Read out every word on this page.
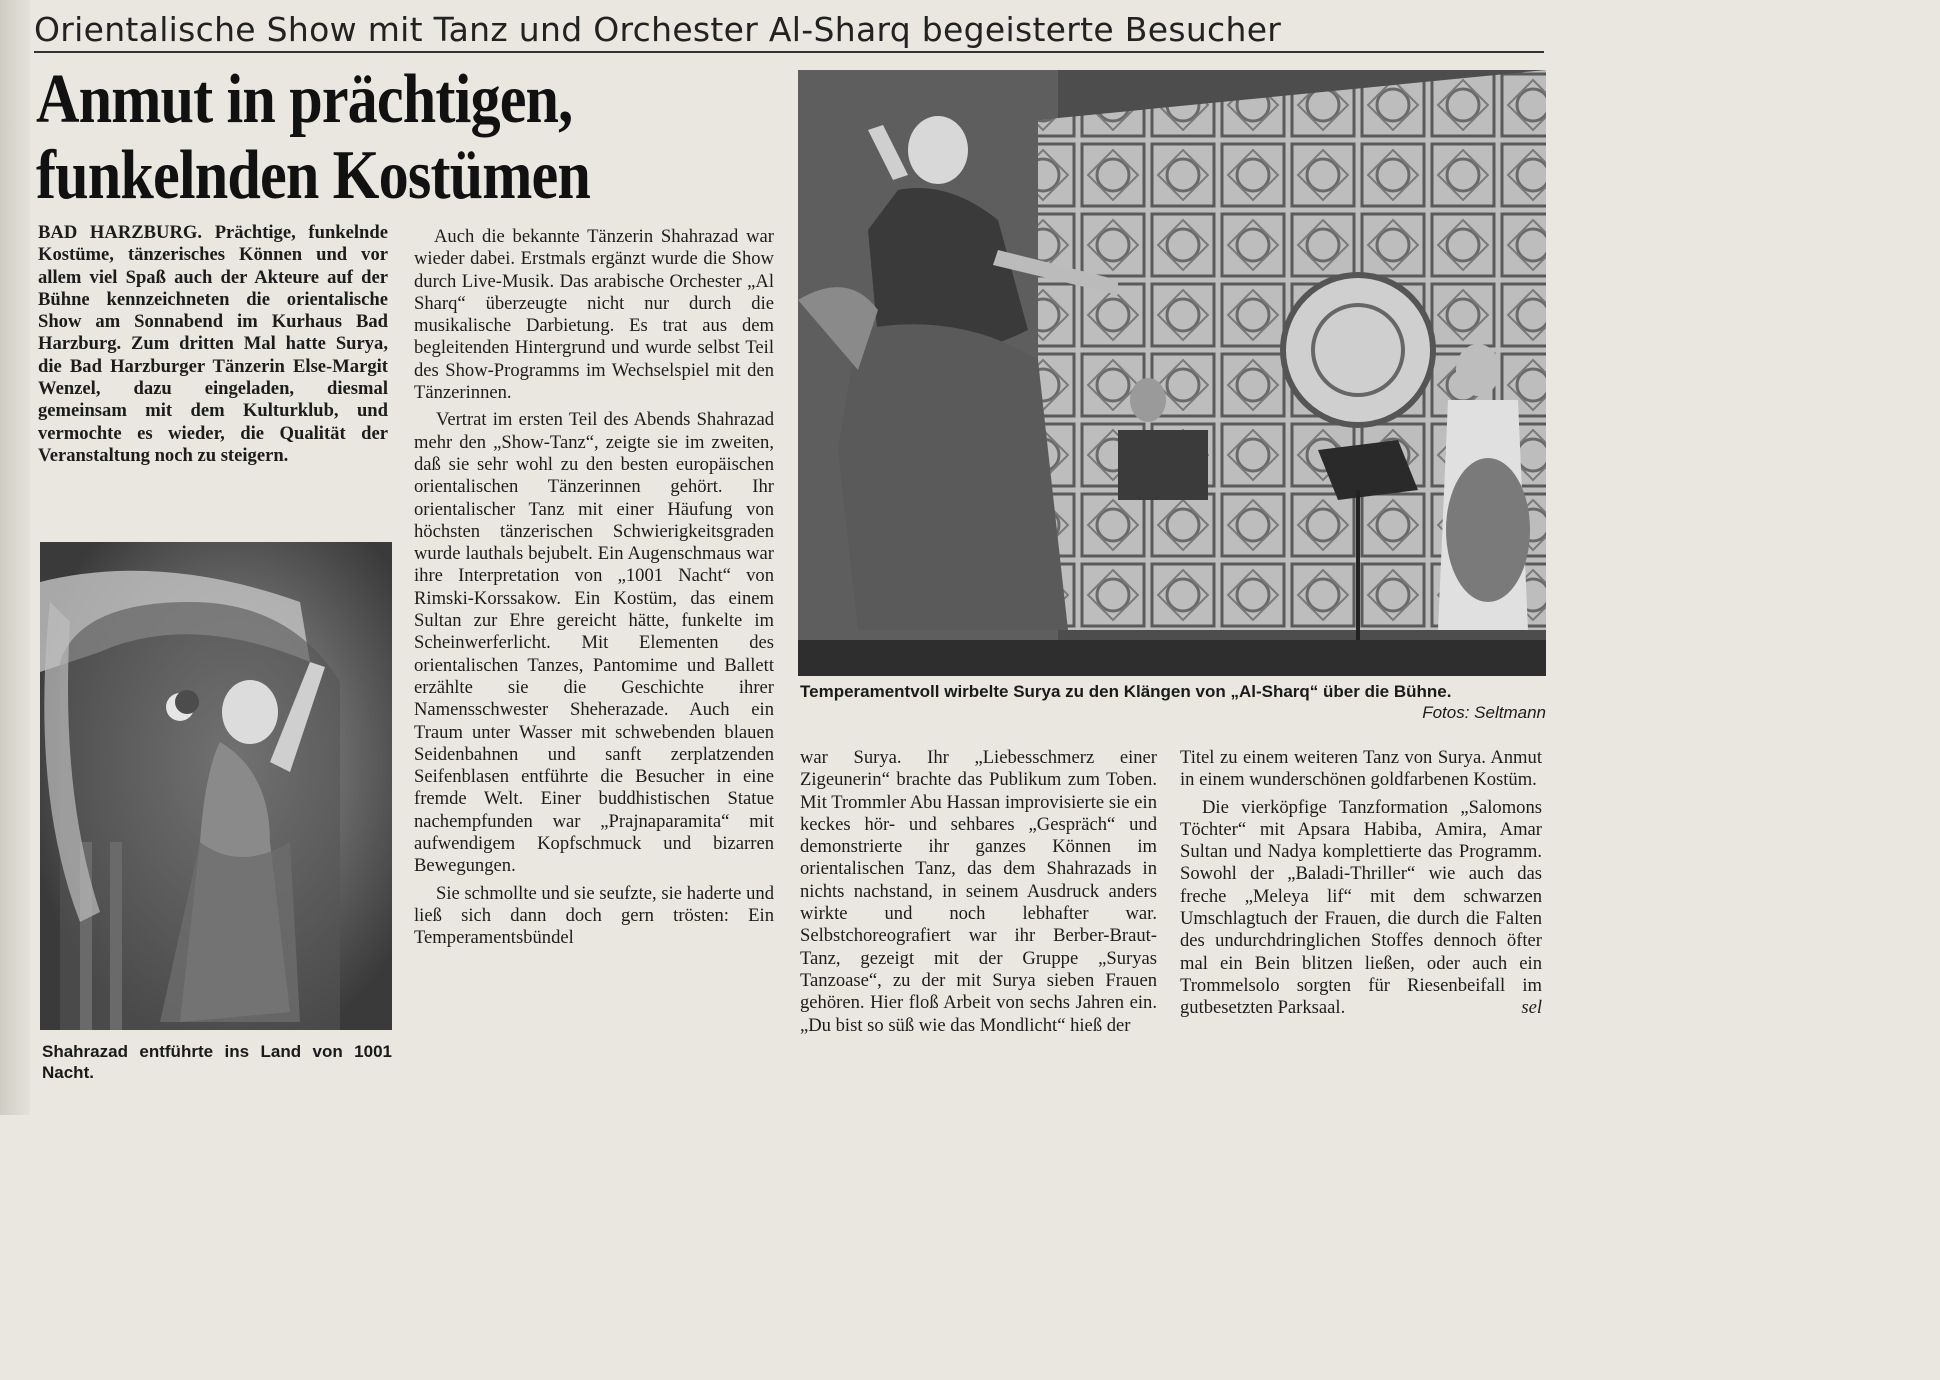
Orientalische Show mit Tanz und Orchester Al-Sharq begeisterte Besucher
Anmut in prächtigen,
funkelnden Kostümen

BAD HARZBURG. Prächtige, funkelnde Kostüme, tänzerisches Können und vor allem viel Spaß auch der Akteure auf der Bühne kennzeichneten die orientalische Show am Sonnabend im Kurhaus Bad Harzburg. Zum dritten Mal hatte Surya, die Bad Harzburger Tänzerin Else-Margit Wenzel, dazu eingeladen, diesmal gemeinsam mit dem Kulturklub, und vermochte es wieder, die Qualität der Veranstaltung noch zu steigern.

Shahrazad entführte ins Land von 1001 Nacht.

Auch die bekannte Tänzerin Shahrazad war wieder dabei. Erstmals ergänzt wurde die Show durch Live-Musik. Das arabische Orchester „Al Sharq“ überzeugte nicht nur durch die musikalische Darbietung. Es trat aus dem begleitenden Hintergrund und wurde selbst Teil des Show-Programms im Wechselspiel mit den Tänzerinnen.

Vertrat im ersten Teil des Abends Shahrazad mehr den „Show-Tanz“, zeigte sie im zweiten, daß sie sehr wohl zu den besten europäischen orientalischen Tänzerinnen gehört. Ihr orientalischer Tanz mit einer Häufung von höchsten tänzerischen Schwierigkeitsgraden wurde lauthals bejubelt. Ein Augenschmaus war ihre Interpretation von „1001 Nacht“ von Rimski-Korssakow. Ein Kostüm, das einem Sultan zur Ehre gereicht hätte, funkelte im Scheinwerferlicht. Mit Elementen des orientalischen Tanzes, Pantomime und Ballett erzählte sie die Geschichte ihrer Namensschwester Sheherazade. Auch ein Traum unter Wasser mit schwebenden blauen Seidenbahnen und sanft zerplatzenden Seifenblasen entführte die Besucher in eine fremde Welt. Einer buddhistischen Statue nachempfunden war „Prajnaparamita“ mit aufwendigem Kopfschmuck und bizarren Bewegungen.

Sie schmollte und sie seufzte, sie haderte und ließ sich dann doch gern trösten: Ein Temperamentsbündel

Temperamentvoll wirbelte Surya zu den Klängen von „Al-Sharq“ über die Bühne.
Fotos: Seltmann

war Surya. Ihr „Liebesschmerz einer Zigeunerin“ brachte das Publikum zum Toben. Mit Trommler Abu Hassan improvisierte sie ein keckes hör- und sehbares „Gespräch“ und demonstrierte ihr ganzes Können im orientalischen Tanz, das dem Shahrazads in nichts nachstand, in seinem Ausdruck anders wirkte und noch lebhafter war. Selbstchoreografiert war ihr Berber-Braut-Tanz, gezeigt mit der Gruppe „Suryas Tanzoase“, zu der mit Surya sieben Frauen gehören. Hier floß Arbeit von sechs Jahren ein. „Du bist so süß wie das Mondlicht“ hieß der

Titel zu einem weiteren Tanz von Surya. Anmut in einem wunderschönen goldfarbenen Kostüm.

Die vierköpfige Tanzformation „Salomons Töchter“ mit Apsara Habiba, Amira, Amar Sultan und Nadya komplettierte das Programm. Sowohl der „Baladi-Thriller“ wie auch das freche „Meleya lif“ mit dem schwarzen Umschlagtuch der Frauen, die durch die Falten des undurchdringlichen Stoffes dennoch öfter mal ein Bein blitzen ließen, oder auch ein Trommelsolo sorgten für Riesenbeifall im gutbesetzten Parksaal.	sel
